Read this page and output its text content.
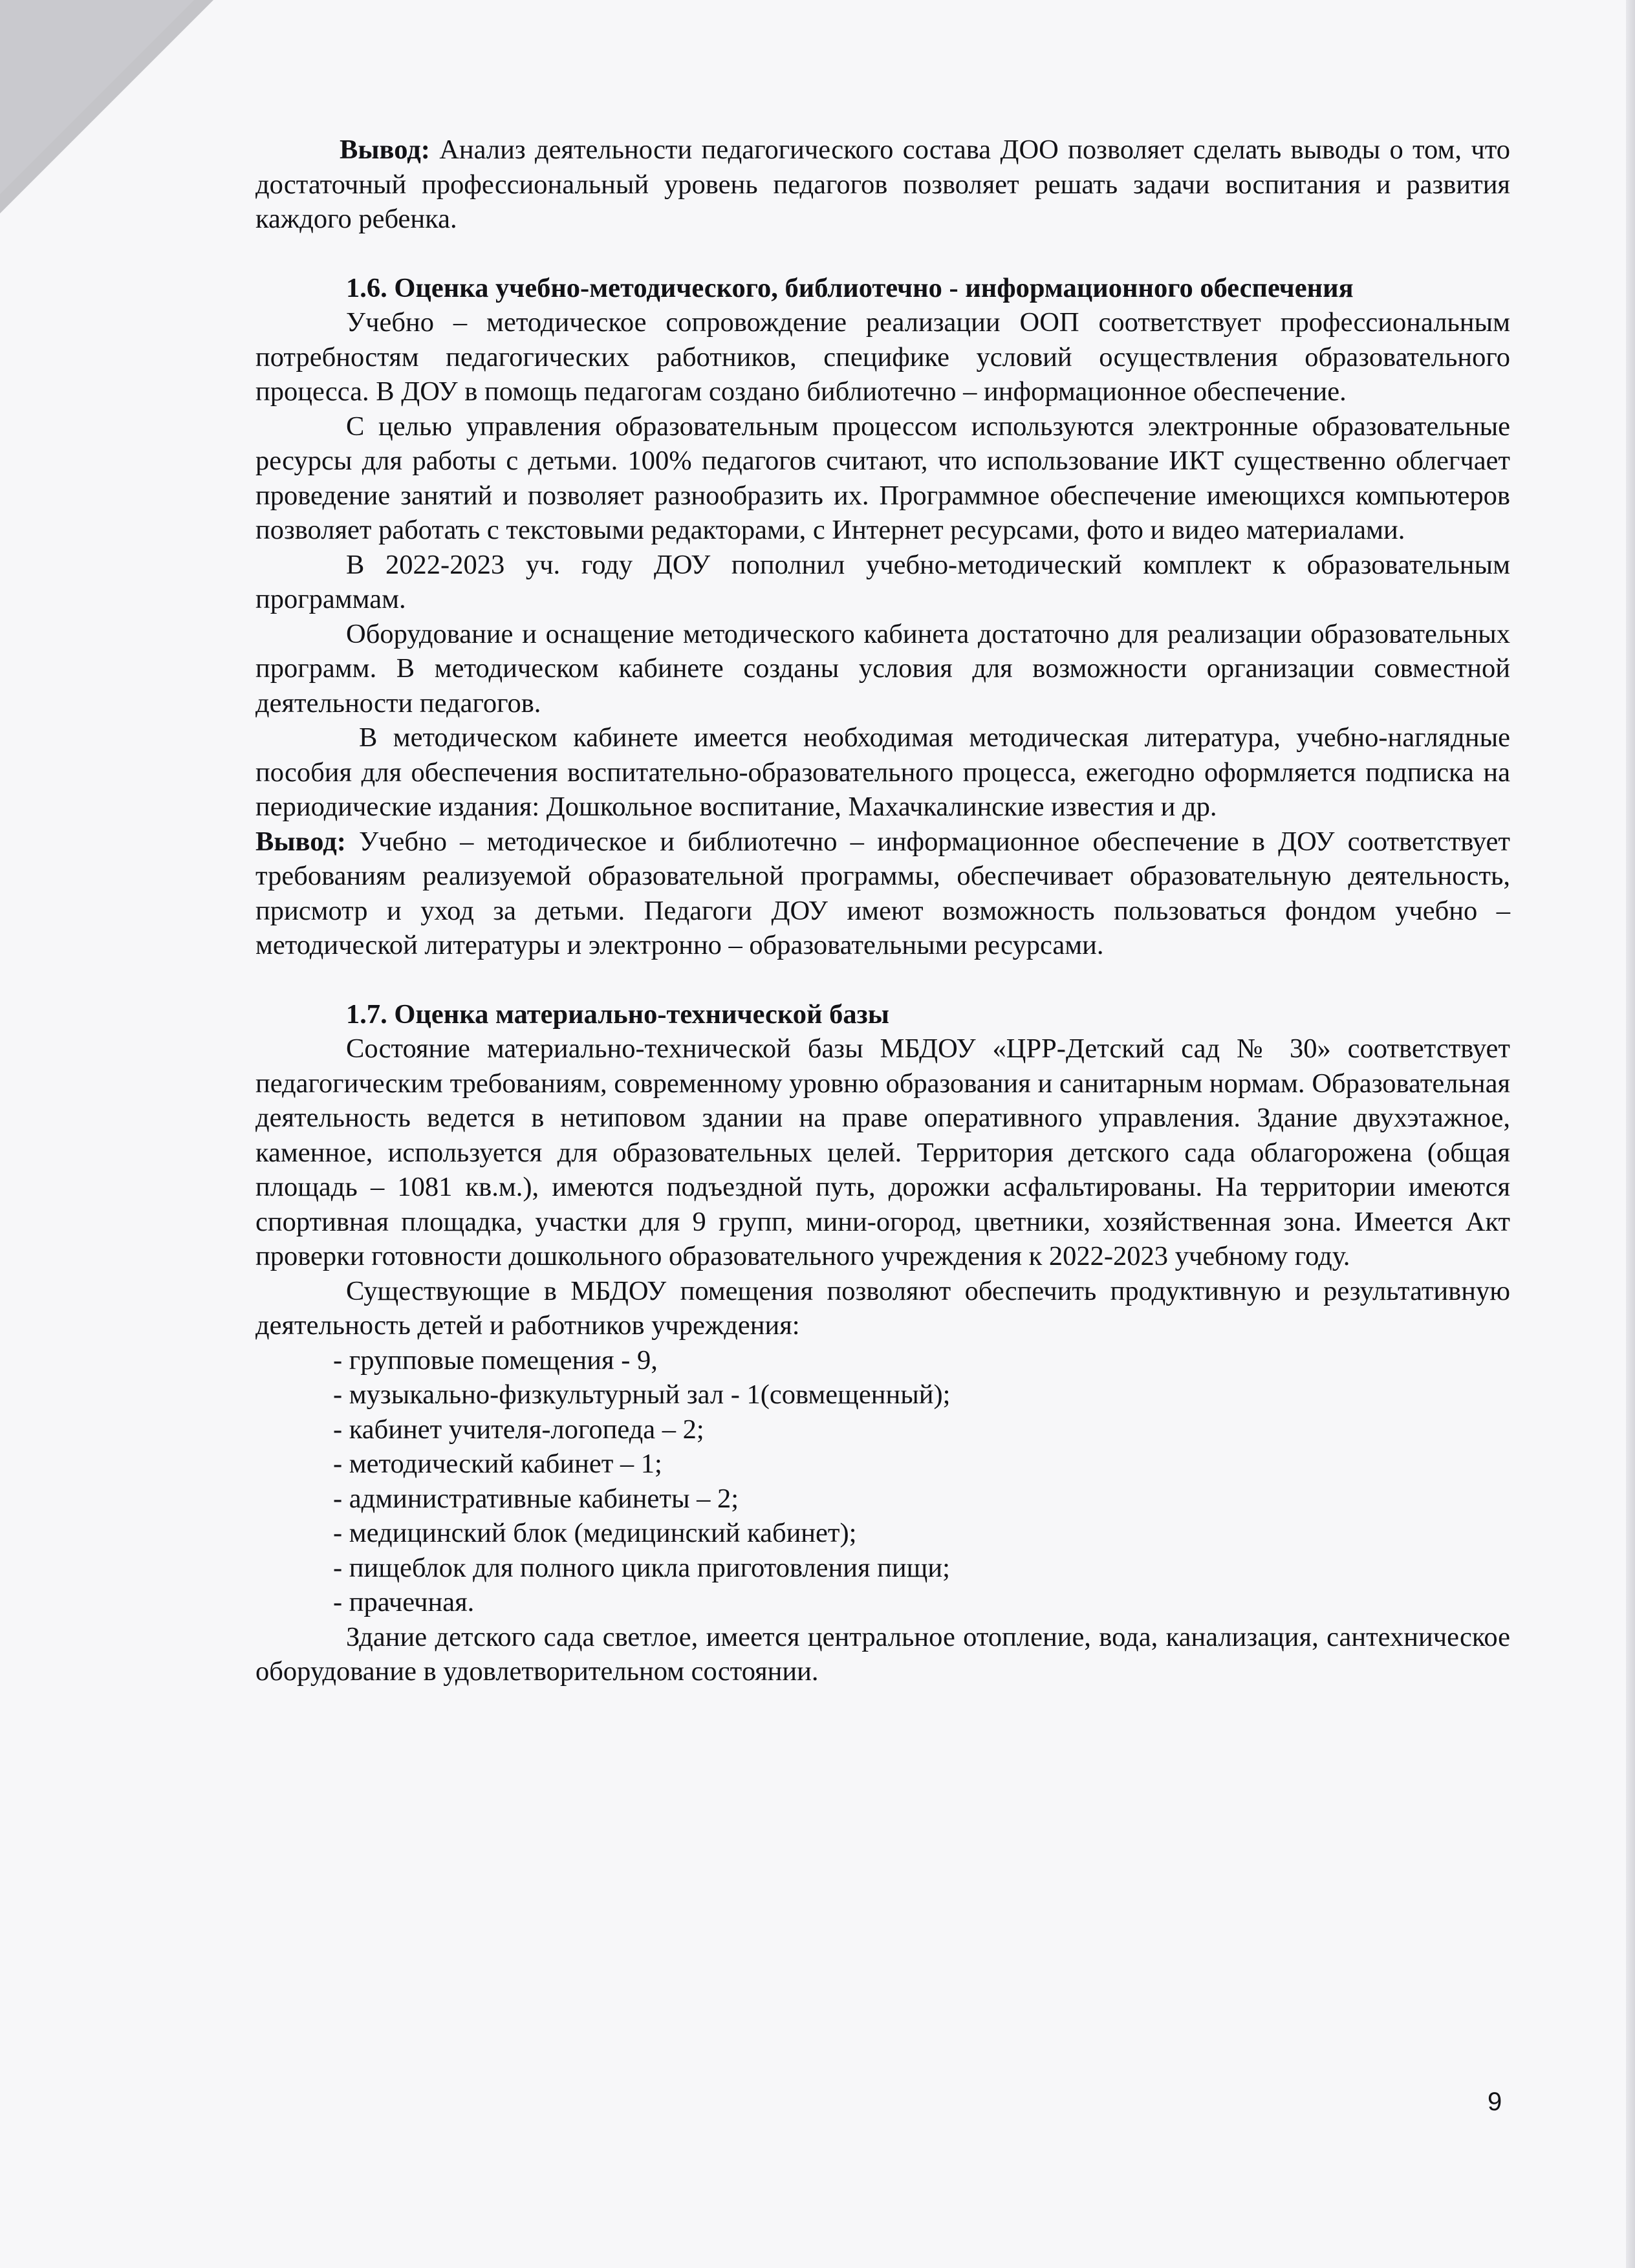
Вывод: Анализ деятельности педагогического состава ДОО позволяет сделать выводы о том, что достаточный профессиональный уровень педагогов позволяет решать задачи воспитания и развития каждого ребенка.

1.6. Оценка учебно-методического, библиотечно - информационного обеспечения

Учебно – методическое сопровождение реализации ООП соответствует профессиональным потребностям педагогических работников, специфике условий осуществления образовательного процесса. В ДОУ в помощь педагогам создано библиотечно – информационное обеспечение.

С целью управления образовательным процессом используются электронные образовательные ресурсы для работы с детьми. 100% педагогов считают, что использование ИКТ существенно облегчает проведение занятий и позволяет разнообразить их. Программное обеспечение имеющихся компьютеров позволяет работать с текстовыми редакторами, с Интернет ресурсами, фото и видео материалами.

В 2022-2023 уч. году ДОУ пополнил учебно-методический комплект к образовательным программам.

Оборудование и оснащение методического кабинета достаточно для реализации образовательных программ. В методическом кабинете созданы условия для возможности организации совместной деятельности педагогов.

В методическом кабинете имеется необходимая методическая литература, учебно-наглядные пособия для обеспечения воспитательно-образовательного процесса, ежегодно оформляется подписка на периодические издания: Дошкольное воспитание, Махачкалинские известия и др.

Вывод: Учебно – методическое и библиотечно – информационное обеспечение в ДОУ соответствует требованиям реализуемой образовательной программы, обеспечивает образовательную деятельность, присмотр и уход за детьми. Педагоги ДОУ имеют возможность пользоваться фондом учебно – методической литературы и электронно – образовательными ресурсами.

1.7. Оценка материально-технической базы

Состояние материально-технической базы МБДОУ «ЦРР-Детский сад № 30» соответствует педагогическим требованиям, современному уровню образования и санитарным нормам. Образовательная деятельность ведется в нетиповом здании на праве оперативного управления. Здание двухэтажное, каменное, используется для образовательных целей. Территория детского сада облагорожена (общая площадь – 1081 кв.м.), имеются подъездной путь, дорожки асфальтированы. На территории имеются спортивная площадка, участки для 9 групп, мини-огород, цветники, хозяйственная зона. Имеется Акт проверки готовности дошкольного образовательного учреждения к 2022-2023 учебному году.

Существующие в МБДОУ помещения позволяют обеспечить продуктивную и результативную деятельность детей и работников учреждения:

- групповые помещения - 9,
- музыкально-физкультурный зал - 1(совмещенный);
- кабинет учителя-логопеда – 2;
- методический кабинет – 1;
- административные кабинеты – 2;
- медицинский блок (медицинский кабинет);
- пищеблок для полного цикла приготовления пищи;
- прачечная.

Здание детского сада светлое, имеется центральное отопление, вода, канализация, сантехническое оборудование в удовлетворительном состоянии.

9
